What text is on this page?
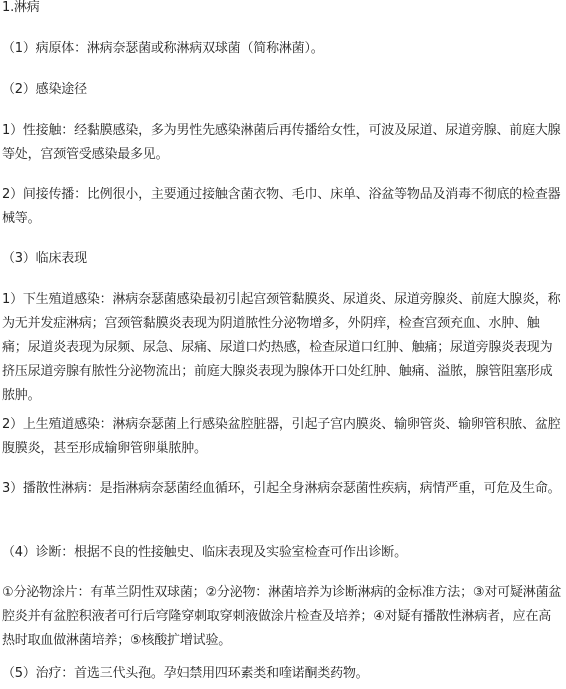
1.淋病

（1）病原体：淋病奈瑟菌或称淋病双球菌（简称淋菌）。

（2）感染途径

1）性接触：经黏膜感染，多为男性先感染淋菌后再传播给女性，可波及尿道、尿道旁腺、前庭大腺等处，宫颈管受感染最多见。

2）间接传播：比例很小，主要通过接触含菌衣物、毛巾、床单、浴盆等物品及消毒不彻底的检查器械等。

（3）临床表现

1）下生殖道感染：淋病奈瑟菌感染最初引起宫颈管黏膜炎、尿道炎、尿道旁腺炎、前庭大腺炎，称为无并发症淋病；宫颈管黏膜炎表现为阴道脓性分泌物增多，外阴痒，检查宫颈充血、水肿、触痛；尿道炎表现为尿频、尿急、尿痛、尿道口灼热感，检查尿道口红肿、触痛；尿道旁腺炎表现为挤压尿道旁腺有脓性分泌物流出；前庭大腺炎表现为腺体开口处红肿、触痛、溢脓，腺管阻塞形成脓肿。

2）上生殖道感染：淋病奈瑟菌上行感染盆腔脏器，引起子宫内膜炎、输卵管炎、输卵管积脓、盆腔腹膜炎，甚至形成输卵管卵巢脓肿。

3）播散性淋病：是指淋病奈瑟菌经血循环，引起全身淋病奈瑟菌性疾病，病情严重，可危及生命。

（4）诊断：根据不良的性接触史、临床表现及实验室检查可作出诊断。

①分泌物涂片：有革兰阴性双球菌；②分泌物：淋菌培养为诊断淋病的金标准方法；③对可疑淋菌盆腔炎并有盆腔积液者可行后穹隆穿刺取穿刺液做涂片检查及培养；④对疑有播散性淋病者，应在高热时取血做淋菌培养；⑤核酸扩增试验。

（5）治疗：首选三代头孢。孕妇禁用四环素类和喹诺酮类药物。
